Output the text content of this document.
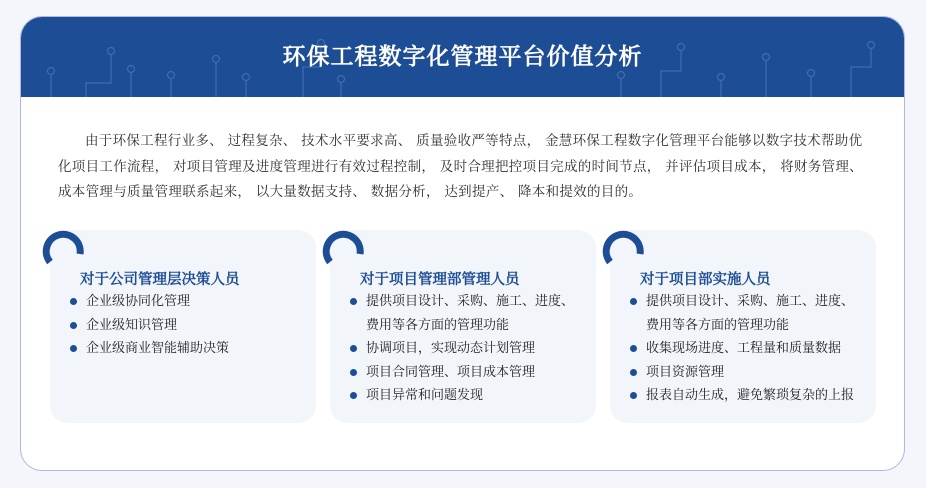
环保工程数字化管理平台价值分析

由于环保工程行业多、 过程复杂、 技术水平要求高、 质量验收严等特点， 金慧环保工程数字化管理平台能够以数字技术帮助优化项目工作流程， 对项目管理及进度管理进行有效过程控制， 及时合理把控项目完成的时间节点， 并评估项目成本， 将财务管理、 成本管理与质量管理联系起来， 以大量数据支持、 数据分析， 达到提产、 降本和提效的目的。

对于公司管理层决策人员
企业级协同化管理
企业级知识管理
企业级商业智能辅助决策
对于项目管理部管理人员
提供项目设计、采购、施工、进度、费用等各方面的管理功能
协调项目，实现动态计划管理
项目合同管理、项目成本管理
项目异常和问题发现
对于项目部实施人员
提供项目设计、采购、施工、进度、费用等各方面的管理功能
收集现场进度、工程量和质量数据
项目资源管理
报表自动生成，避免繁琐复杂的上报
